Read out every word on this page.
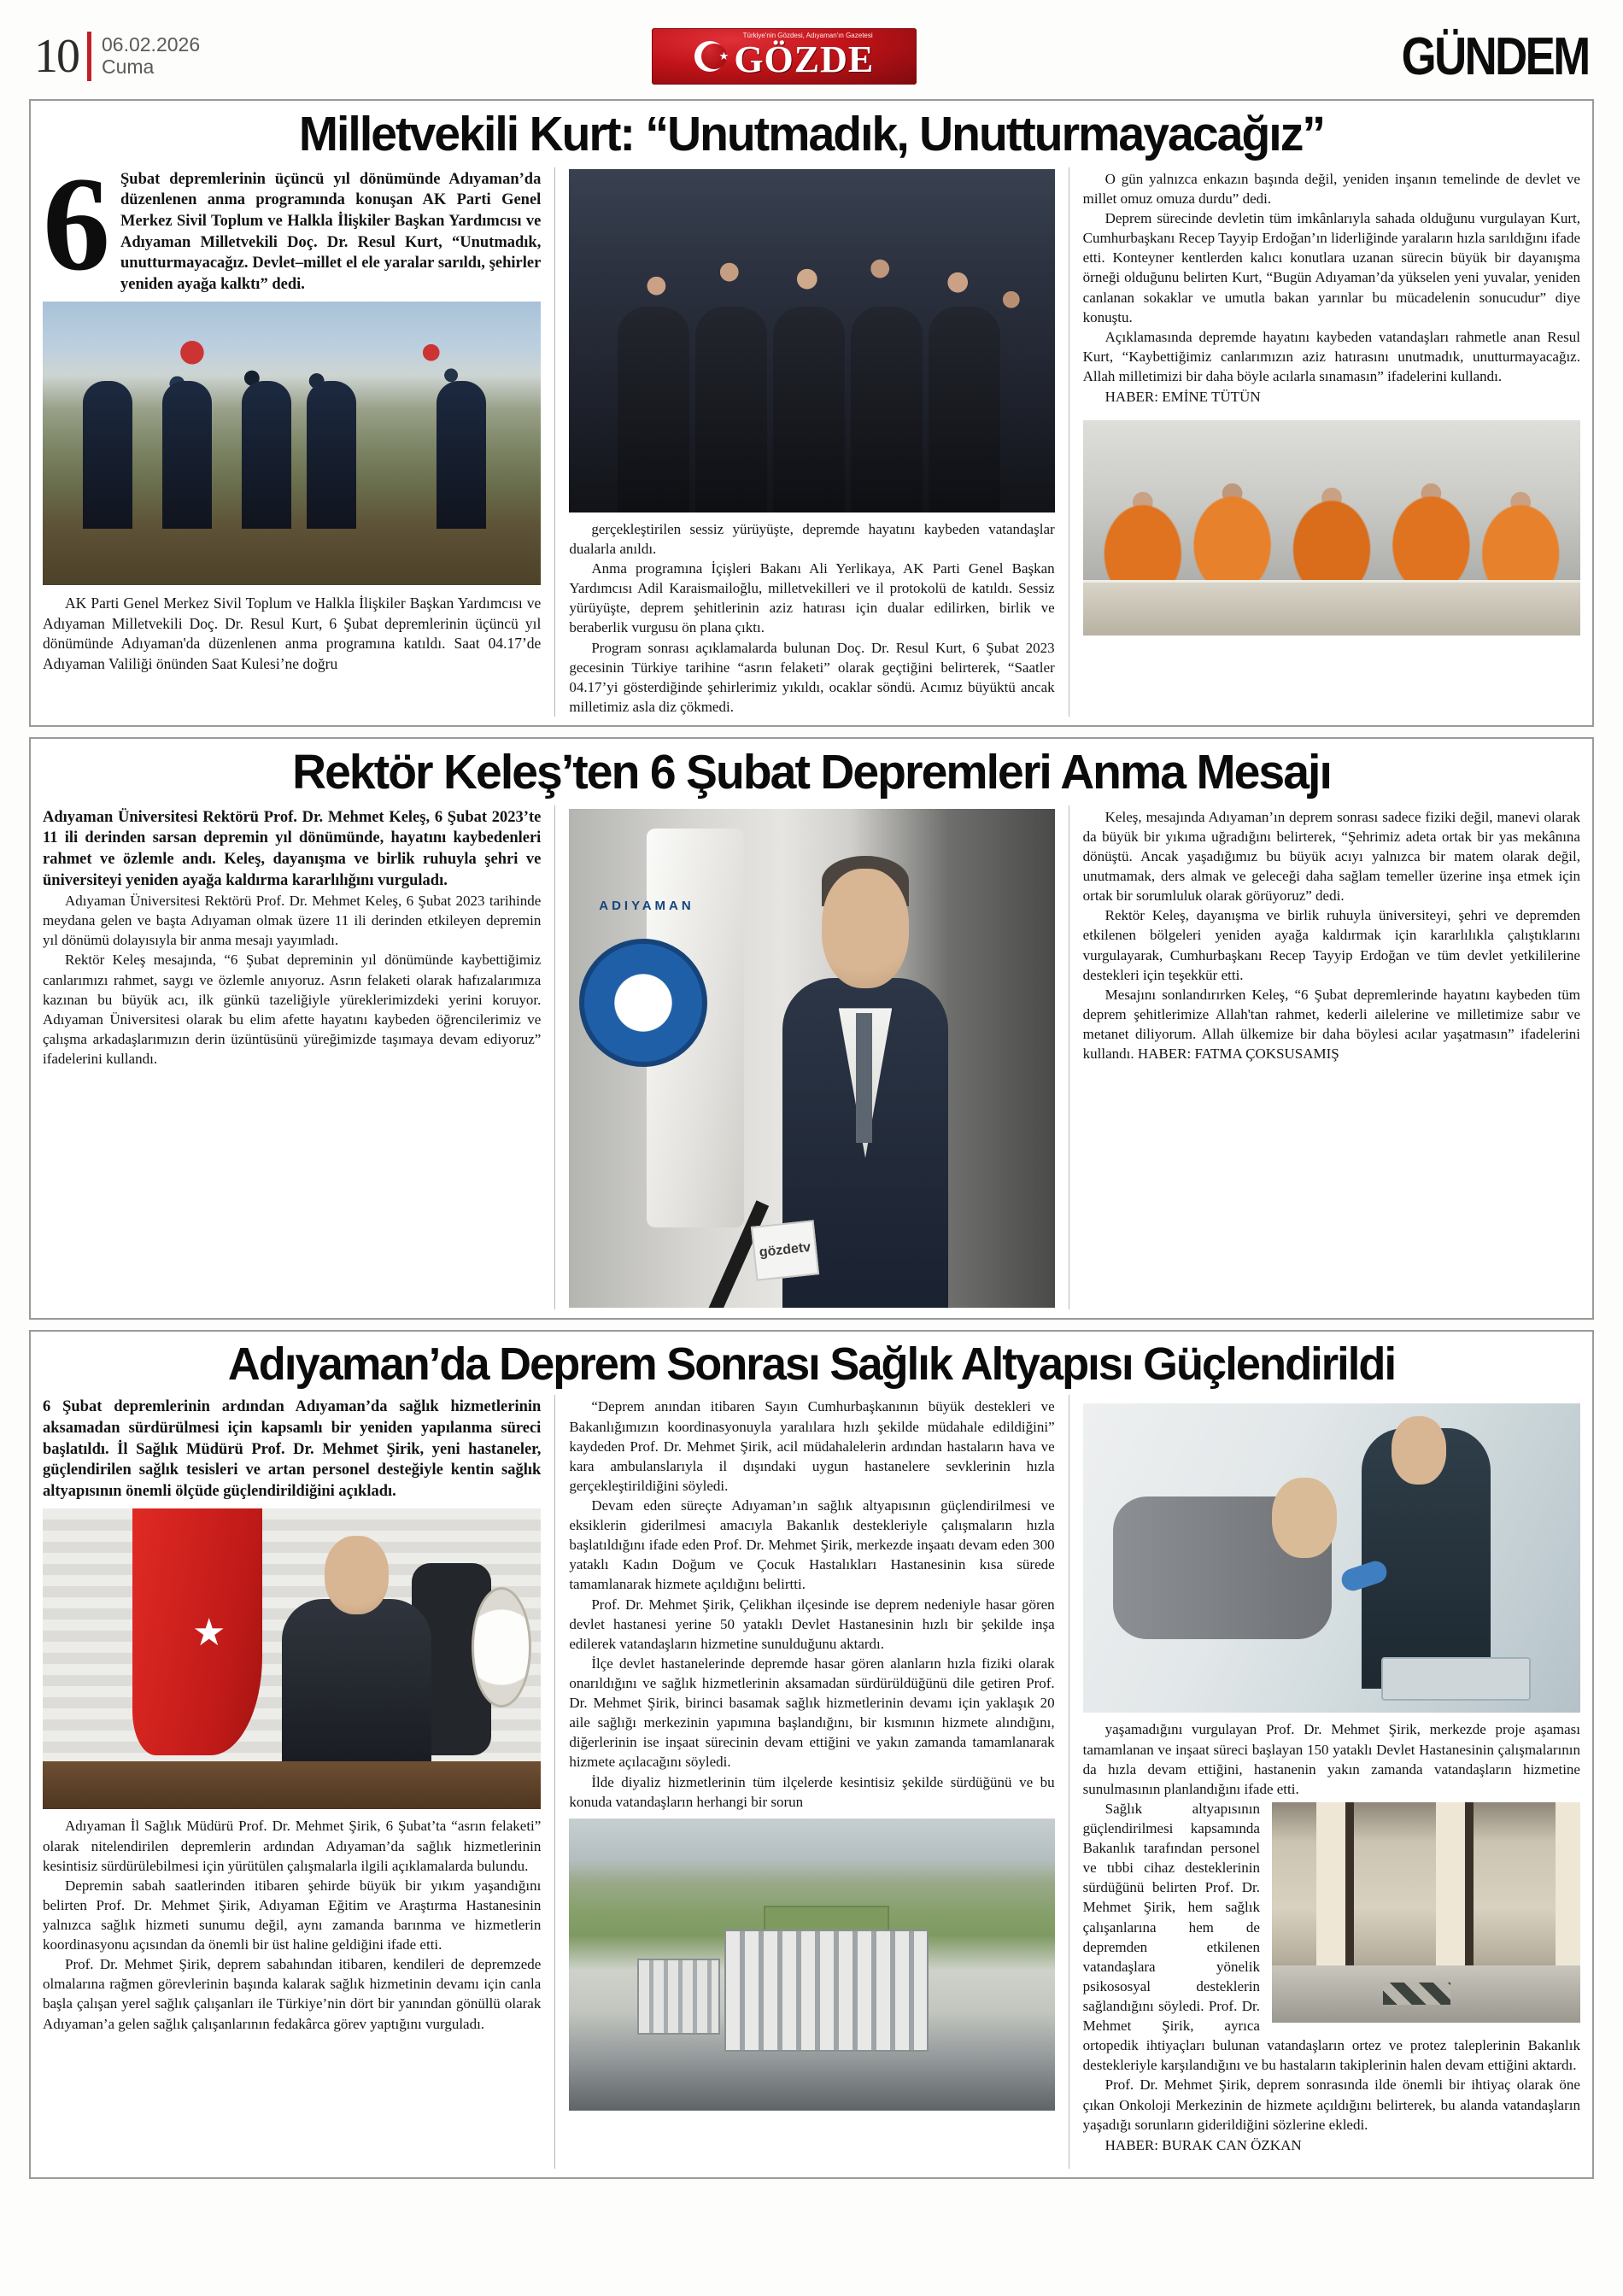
10 06.02.2026
Cuma
Türkiye'nin Gözdesi, Adıyaman'ın Gazetesi
★ GÖZDE	GÜNDEM
Milletvekili Kurt: “Unutmadık, Unutturmayacağız”
6 Şubat depremlerinin üçüncü yıl dönümünde Adıyaman’da düzenlenen anma programında konuşan AK Parti Genel Merkez Sivil Toplum ve Halkla İlişkiler Başkan Yardımcısı ve Adıyaman Milletvekili Doç. Dr. Resul Kurt, “Unutmadık, unutturmayacağız. Devlet–millet el ele yaralar sarıldı, şehirler yeniden ayağa kalktı” dedi.
AK Parti Genel Merkez Sivil Toplum ve Halkla İlişkiler Başkan Yardımcısı ve Adıyaman Milletvekili Doç. Dr. Resul Kurt, 6 Şubat depremlerinin üçüncü yıl dönümünde Adıyaman'da düzenlenen anma programına katıldı. Saat 04.17’de Adıyaman Valiliği önünden Saat Kulesi’ne doğru

gerçekleştirilen sessiz yürüyüşte, depremde hayatını kaybeden vatandaşlar dualarla anıldı.

Anma programına İçişleri Bakanı Ali Yerlikaya, AK Parti Genel Başkan Yardımcısı Adil Karaismailoğlu, milletvekilleri ve il protokolü de katıldı. Sessiz yürüyüşte, deprem şehitlerinin aziz hatırası için dualar edilirken, birlik ve beraberlik vurgusu ön plana çıktı.

Program sonrası açıklamalarda bulunan Doç. Dr. Resul Kurt, 6 Şubat 2023 gecesinin Türkiye tarihine “asrın felaketi” olarak geçtiğini belirterek, “Saatler 04.17’yi gösterdiğinde şehirlerimiz yıkıldı, ocaklar söndü. Acımız büyüktü ancak milletimiz asla diz çökmedi.

O gün yalnızca enkazın başında değil, yeniden inşanın temelinde de devlet ve millet omuz omuza durdu” dedi.

Deprem sürecinde devletin tüm imkânlarıyla sahada olduğunu vurgulayan Kurt, Cumhurbaşkanı Recep Tayyip Erdoğan’ın liderliğinde yaraların hızla sarıldığını ifade etti. Konteyner kentlerden kalıcı konutlara uzanan sürecin büyük bir dayanışma örneği olduğunu belirten Kurt, “Bugün Adıyaman’da yükselen yeni yuvalar, yeniden canlanan sokaklar ve umutla bakan yarınlar bu mücadelenin sonucudur” diye konuştu.

Açıklamasında depremde hayatını kaybeden vatandaşları rahmetle anan Resul Kurt, “Kaybettiğimiz canlarımızın aziz hatırasını unutmadık, unutturmayacağız. Allah milletimizi bir daha böyle acılarla sınamasın” ifadelerini kullandı.

HABER: EMİNE TÜTÜN

Rektör Keleş’ten 6 Şubat Depremleri Anma Mesajı

Adıyaman Üniversitesi Rektörü Prof. Dr. Mehmet Keleş, 6 Şubat 2023’te 11 ili derinden sarsan depremin yıl dönümünde, hayatını kaybedenleri rahmet ve özlemle andı. Keleş, dayanışma ve birlik ruhuyla şehri ve üniversiteyi yeniden ayağa kaldırma kararlılığını vurguladı.

Adıyaman Üniversitesi Rektörü Prof. Dr. Mehmet Keleş, 6 Şubat 2023 tarihinde meydana gelen ve başta Adıyaman olmak üzere 11 ili derinden etkileyen depremin yıl dönümü dolayısıyla bir anma mesajı yayımladı.

Rektör Keleş mesajında, “6 Şubat depreminin yıl dönümünde kaybettiğimiz canlarımızı rahmet, saygı ve özlemle anıyoruz. Asrın felaketi olarak hafızalarımıza kazınan bu büyük acı, ilk günkü tazeliğiyle yüreklerimizdeki yerini koruyor. Adıyaman Üniversitesi olarak bu elim afette hayatını kaybeden öğrencilerimiz ve çalışma arkadaşlarımızın derin üzüntüsünü yüreğimizde taşımaya devam ediyoruz” ifadelerini kullandı.

ADIYAMAN
gözdetv

Keleş, mesajında Adıyaman’ın deprem sonrası sadece fiziki değil, manevi olarak da büyük bir yıkıma uğradığını belirterek, “Şehrimiz adeta ortak bir yas mekânına dönüştü. Ancak yaşadığımız bu büyük acıyı yalnızca bir matem olarak değil, unutmamak, ders almak ve geleceği daha sağlam temeller üzerine inşa etmek için ortak bir sorumluluk olarak görüyoruz” dedi.

Rektör Keleş, dayanışma ve birlik ruhuyla üniversiteyi, şehri ve depremden etkilenen bölgeleri yeniden ayağa kaldırmak için kararlılıkla çalıştıklarını vurgulayarak, Cumhurbaşkanı Recep Tayyip Erdoğan ve tüm devlet yetkililerine destekleri için teşekkür etti.

Mesajını sonlandırırken Keleş, “6 Şubat depremlerinde hayatını kaybeden tüm deprem şehitlerimize Allah'tan rahmet, kederli ailelerine ve milletimize sabır ve metanet diliyorum. Allah ülkemize bir daha böylesi acılar yaşatmasın” ifadelerini kullandı. HABER: FATMA ÇOKSUSAMIŞ

Adıyaman’da Deprem Sonrası Sağlık Altyapısı Güçlendirildi

6 Şubat depremlerinin ardından Adıyaman’da sağlık hizmetlerinin aksamadan sürdürülmesi için kapsamlı bir yeniden yapılanma süreci başlatıldı. İl Sağlık Müdürü Prof. Dr. Mehmet Şirik, yeni hastaneler, güçlendirilen sağlık tesisleri ve artan personel desteğiyle kentin sağlık altyapısının önemli ölçüde güçlendirildiğini açıkladı.

★

Adıyaman İl Sağlık Müdürü Prof. Dr. Mehmet Şirik, 6 Şubat’ta “asrın felaketi” olarak nitelendirilen depremlerin ardından Adıyaman’da sağlık hizmetlerinin kesintisiz sürdürülebilmesi için yürütülen çalışmalarla ilgili açıklamalarda bulundu.

Depremin sabah saatlerinden itibaren şehirde büyük bir yıkım yaşandığını belirten Prof. Dr. Mehmet Şirik, Adıyaman Eğitim ve Araştırma Hastanesinin yalnızca sağlık hizmeti sunumu değil, aynı zamanda barınma ve hizmetlerin koordinasyonu açısından da önemli bir üst haline geldiğini ifade etti.

Prof. Dr. Mehmet Şirik, deprem sabahından itibaren, kendileri de depremzede olmalarına rağmen görevlerinin başında kalarak sağlık hizmetinin devamı için canla başla çalışan yerel sağlık çalışanları ile Türkiye’nin dört bir yanından gönüllü olarak Adıyaman’a gelen sağlık çalışanlarının fedakârca görev yaptığını vurguladı.

“Deprem anından itibaren Sayın Cumhurbaşkanının büyük destekleri ve Bakanlığımızın koordinasyonuyla yaralılara hızlı şekilde müdahale edildiğini” kaydeden Prof. Dr. Mehmet Şirik, acil müdahalelerin ardından hastaların hava ve kara ambulanslarıyla il dışındaki uygun hastanelere sevklerinin hızla gerçekleştirildiğini söyledi.

Devam eden süreçte Adıyaman’ın sağlık altyapısının güçlendirilmesi ve eksiklerin giderilmesi amacıyla Bakanlık destekleriyle çalışmaların hızla başlatıldığını ifade eden Prof. Dr. Mehmet Şirik, merkezde inşaatı devam eden 300 yataklı Kadın Doğum ve Çocuk Hastalıkları Hastanesinin kısa sürede tamamlanarak hizmete açıldığını belirtti.

Prof. Dr. Mehmet Şirik, Çelikhan ilçesinde ise deprem nedeniyle hasar gören devlet hastanesi yerine 50 yataklı Devlet Hastanesinin hızlı bir şekilde inşa edilerek vatandaşların hizmetine sunulduğunu aktardı.

İlçe devlet hastanelerinde depremde hasar gören alanların hızla fiziki olarak onarıldığını ve sağlık hizmetlerinin aksamadan sürdürüldüğünü dile getiren Prof. Dr. Mehmet Şirik, birinci basamak sağlık hizmetlerinin devamı için yaklaşık 20 aile sağlığı merkezinin yapımına başlandığını, bir kısmının hizmete alındığını, diğerlerinin ise inşaat sürecinin devam ettiğini ve yakın zamanda tamamlanarak hizmete açılacağını söyledi.

İlde diyaliz hizmetlerinin tüm ilçelerde kesintisiz şekilde sürdüğünü ve bu konuda vatandaşların herhangi bir sorun

yaşamadığını vurgulayan Prof. Dr. Mehmet Şirik, merkezde proje aşaması tamamlanan ve inşaat süreci başlayan 150 yataklı Devlet Hastanesinin çalışmalarının da hızla devam ettiğini, hastanenin yakın zamanda vatandaşların hizmetine sunulmasının planlandığını ifade etti.

Sağlık altyapısının güçlendirilmesi kapsamında Bakanlık tarafından personel ve tıbbi cihaz desteklerinin sürdüğünü belirten Prof. Dr. Mehmet Şirik, hem sağlık çalışanlarına hem de depremden etkilenen vatandaşlara yönelik psikososyal desteklerin sağlandığını söyledi. Prof. Dr. Mehmet Şirik, ayrıca ortopedik ihtiyaçları bulunan vatandaşların ortez ve protez taleplerinin Bakanlık destekleriyle karşılandığını ve bu hastaların takiplerinin halen devam ettiğini aktardı.

Prof. Dr. Mehmet Şirik, deprem sonrasında ilde önemli bir ihtiyaç olarak öne çıkan Onkoloji Merkezinin de hizmete açıldığını belirterek, bu alanda vatandaşların yaşadığı sorunların giderildiğini sözlerine ekledi.

HABER: BURAK CAN ÖZKAN
